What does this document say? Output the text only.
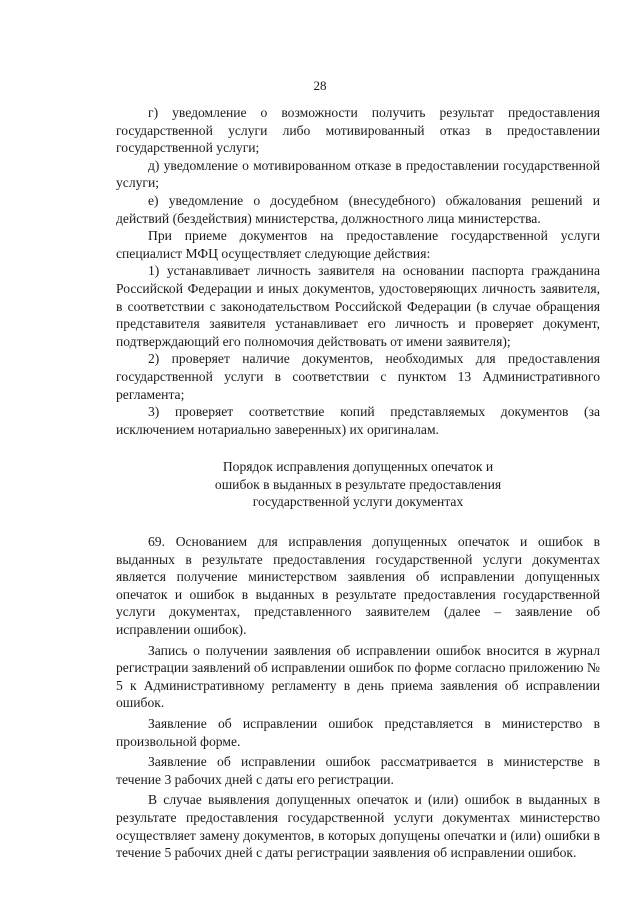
28

г) уведомление о возможности получить результат предоставления государственной услуги либо мотивированный отказ в предоставлении государственной услуги;

д) уведомление о мотивированном отказе в предоставлении государственной услуги;

е) уведомление о досудебном (внесудебного) обжалования решений и действий (бездействия) министерства, должностного лица министерства.

При приеме документов на предоставление государственной услуги специалист МФЦ осуществляет следующие действия:

1) устанавливает личность заявителя на основании паспорта гражданина Российской Федерации и иных документов, удостоверяющих личность заявителя, в соответствии с законодательством Российской Федерации (в случае обращения представителя заявителя устанавливает его личность и проверяет документ, подтверждающий его полномочия действовать от имени заявителя);

2) проверяет наличие документов, необходимых для предоставления государственной услуги в соответствии с пунктом 13 Административного регламента;

3) проверяет соответствие копий представляемых документов (за исключением нотариально заверенных) их оригиналам.

Порядок исправления допущенных опечаток и
ошибок в выданных в результате предоставления
государственной услуги документах

69. Основанием для исправления допущенных опечаток и ошибок в выданных в результате предоставления государственной услуги документах является получение министерством заявления об исправлении допущенных опечаток и ошибок в выданных в результате предоставления государственной услуги документах, представленного заявителем (далее – заявление об исправлении ошибок).

Запись о получении заявления об исправлении ошибок вносится в журнал регистрации заявлений об исправлении ошибок по форме согласно приложению № 5 к Административному регламенту в день приема заявления об исправлении ошибок.

Заявление об исправлении ошибок представляется в министерство в произвольной форме.

Заявление об исправлении ошибок рассматривается в министерстве в течение 3 рабочих дней с даты его регистрации.

В случае выявления допущенных опечаток и (или) ошибок в выданных в результате предоставления государственной услуги документах министерство осуществляет замену документов, в которых допущены опечатки и (или) ошибки в течение 5 рабочих дней с даты регистрации заявления об исправлении ошибок.
